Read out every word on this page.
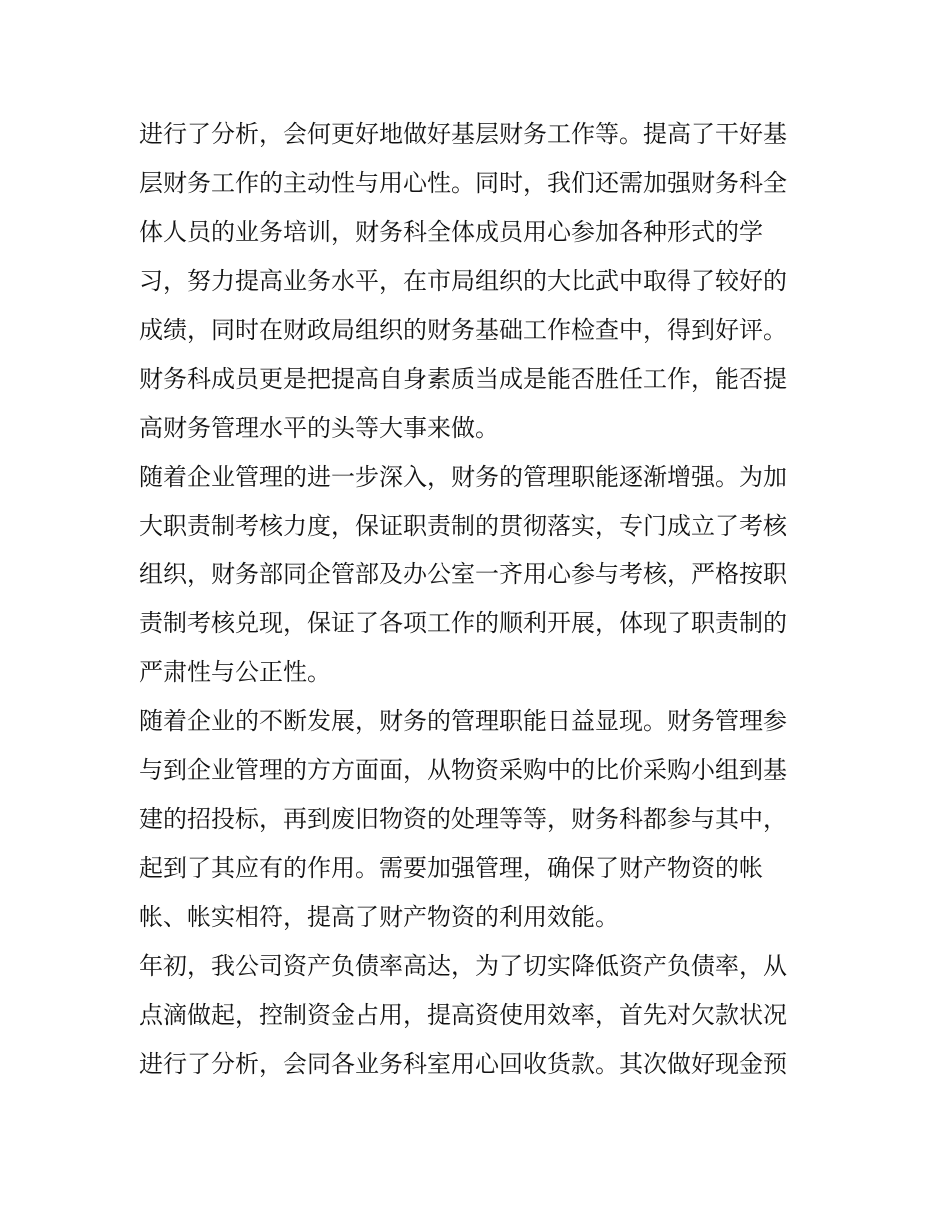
进行了分析，会何更好地做好基层财务工作等。提高了干好基
层财务工作的主动性与用心性。同时，我们还需加强财务科全
体人员的业务培训，财务科全体成员用心参加各种形式的学
习，努力提高业务水平，在市局组织的大比武中取得了较好的
成绩，同时在财政局组织的财务基础工作检查中，得到好评。
财务科成员更是把提高自身素质当成是能否胜任工作，能否提
高财务管理水平的头等大事来做。
随着企业管理的进一步深入，财务的管理职能逐渐增强。为加
大职责制考核力度，保证职责制的贯彻落实，专门成立了考核
组织，财务部同企管部及办公室一齐用心参与考核，严格按职
责制考核兑现，保证了各项工作的顺利开展，体现了职责制的
严肃性与公正性。
随着企业的不断发展，财务的管理职能日益显现。财务管理参
与到企业管理的方方面面，从物资采购中的比价采购小组到基
建的招投标，再到废旧物资的处理等等，财务科都参与其中，
起到了其应有的作用。需要加强管理，确保了财产物资的帐
帐、帐实相符，提高了财产物资的利用效能。
年初，我公司资产负债率高达，为了切实降低资产负债率，从
点滴做起，控制资金占用，提高资使用效率，首先对欠款状况
进行了分析，会同各业务科室用心回收货款。其次做好现金预
